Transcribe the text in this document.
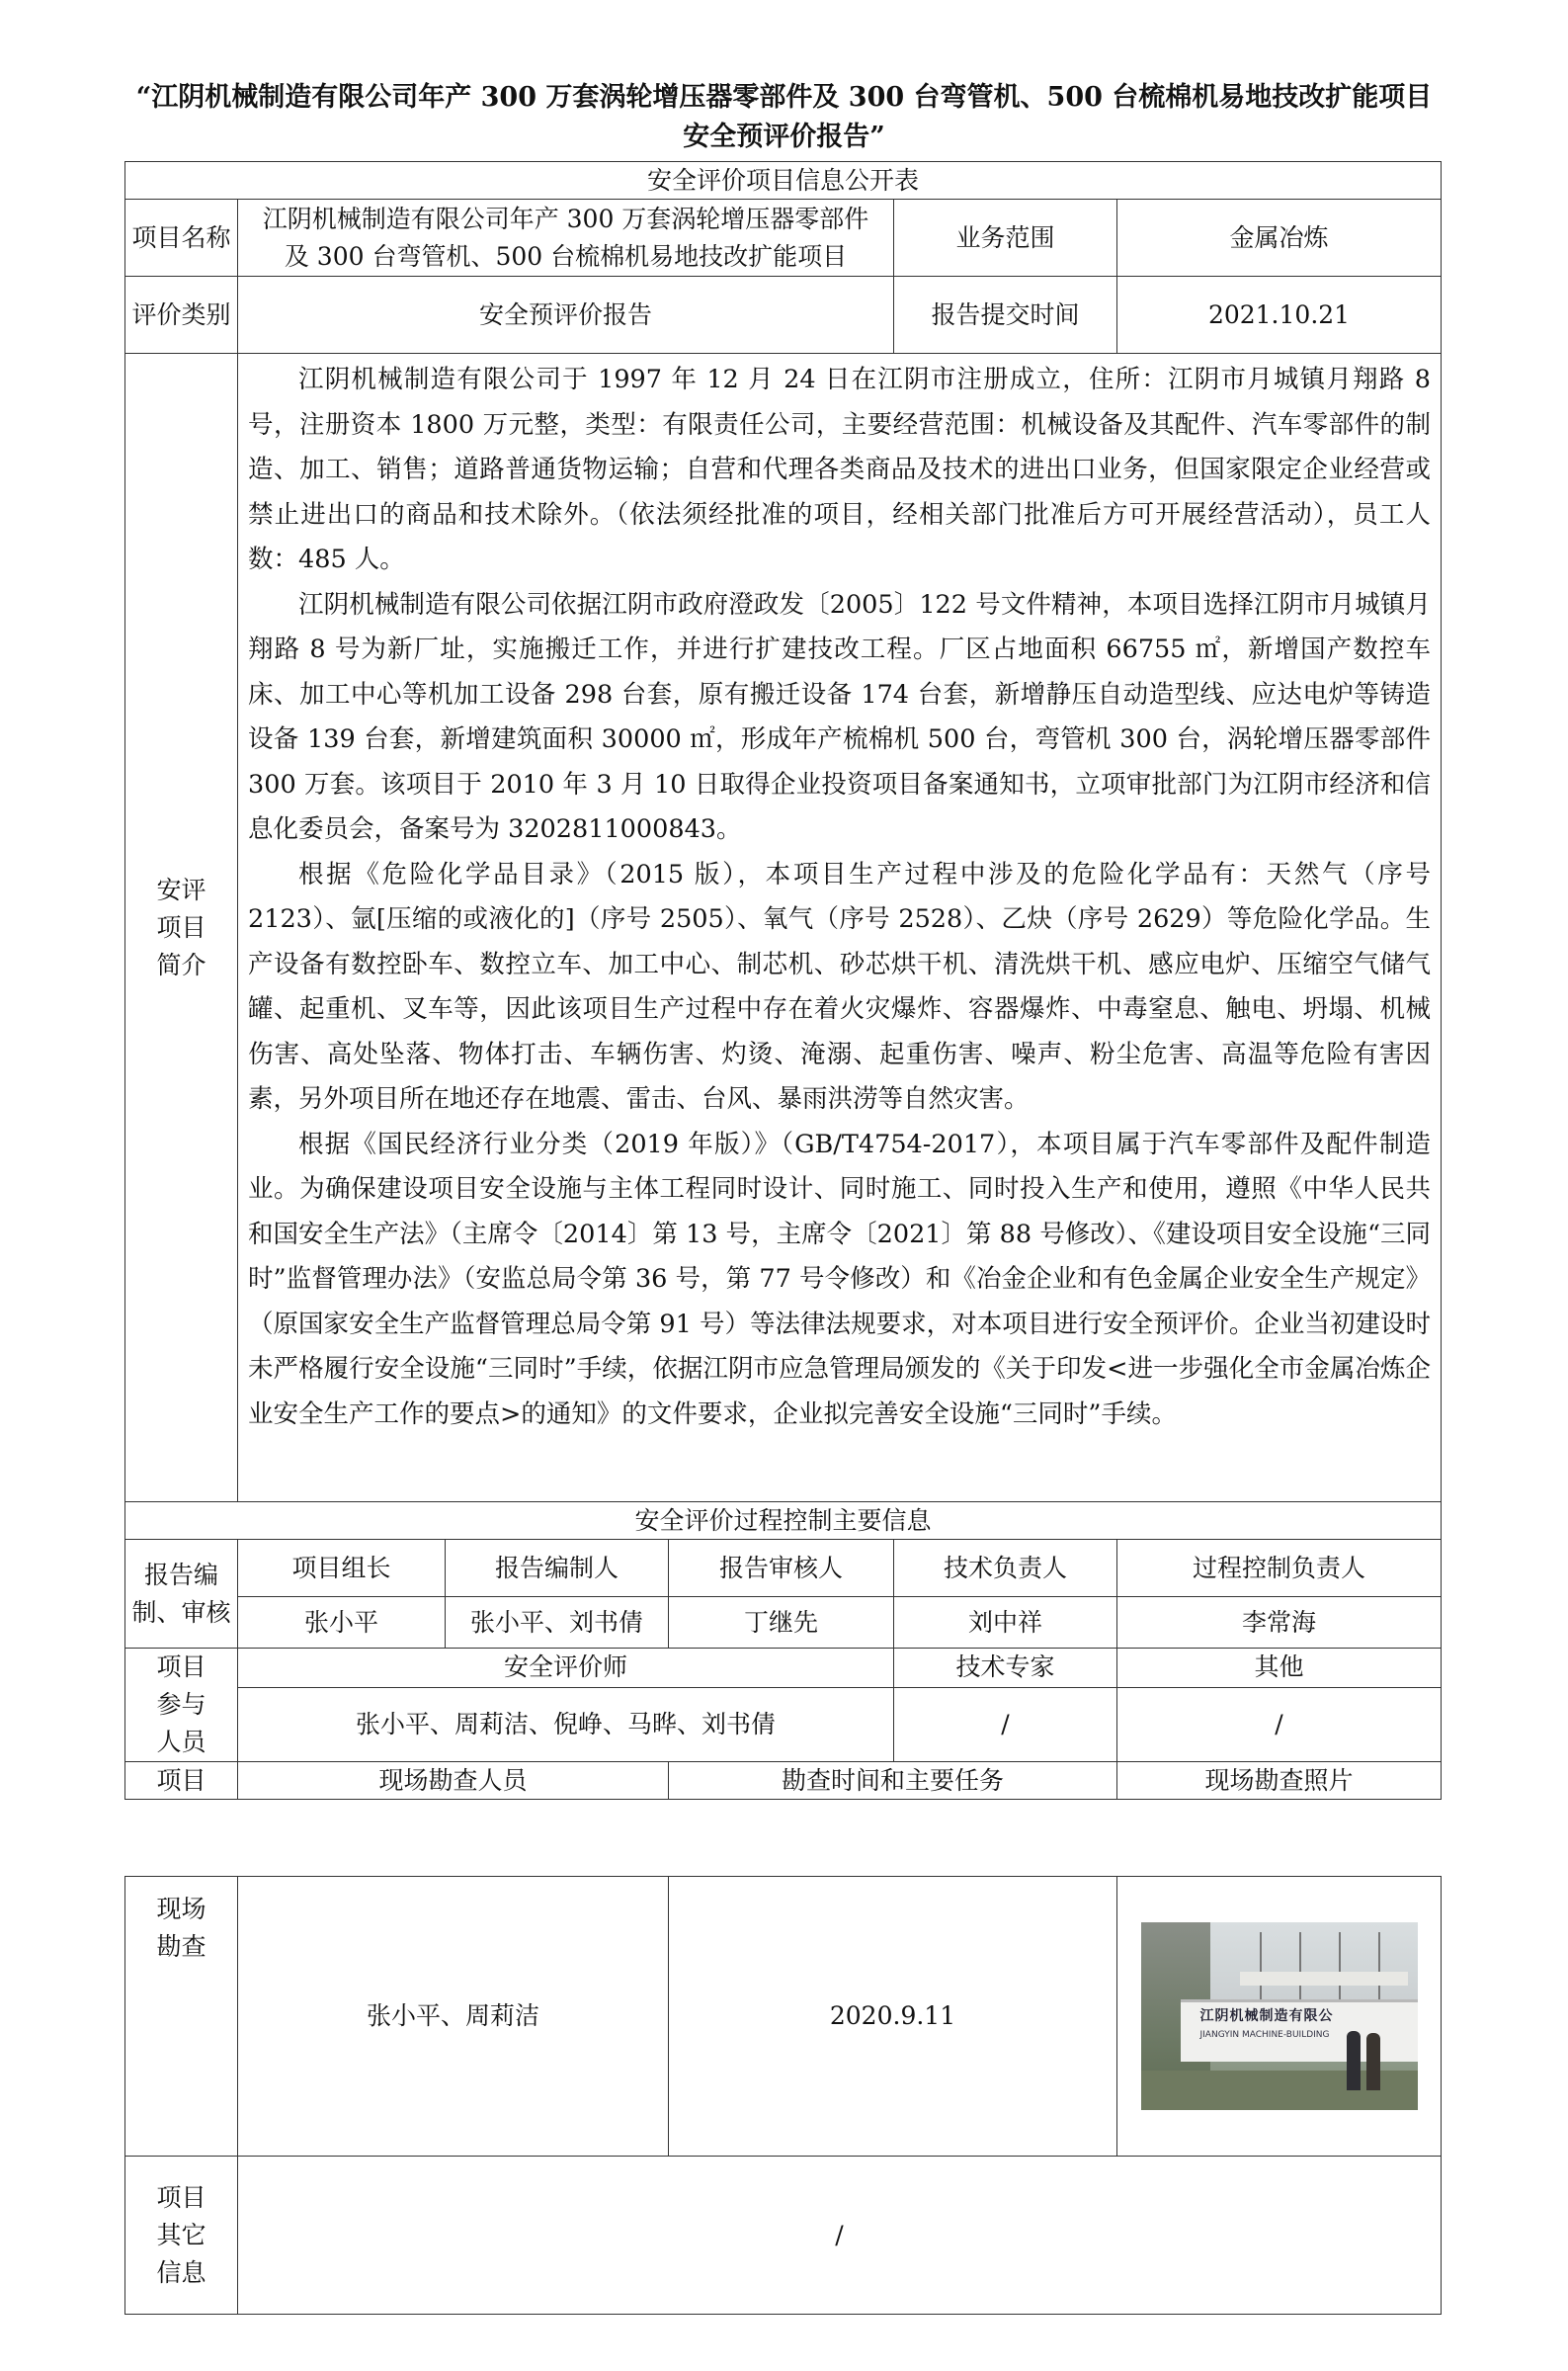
“江阴机械制造有限公司年产 300 万套涡轮增压器零部件及 300 台弯管机、500 台梳棉机易地技改扩能项目
安全预评价报告”
安全评价项目信息公开表					
项目名称	江阴机械制造有限公司年产 300 万套涡轮增压器零部件及 300 台弯管机、500 台梳棉机易地技改扩能项目			业务范围	金属冶炼
评价类别	安全预评价报告			报告提交时间	2021.10.21
安评项目简介	江阴机械制造有限公司于 1997 年 12 月 24 日在江阴市注册成立，住所：江阴市月城镇月翔路 8 号，注册资本 1800 万元整，类型：有限责任公司，主要经营范围：机械设备及其配件、汽车零部件的制造、加工、销售；道路普通货物运输；自营和代理各类商品及技术的进出口业务，但国家限定企业经营或禁止进出口的商品和技术除外。（依法须经批准的项目，经相关部门批准后方可开展经营活动），员工人数：485 人。

江阴机械制造有限公司依据江阴市政府澄政发〔2005〕122 号文件精神，本项目选择江阴市月城镇月翔路 8 号为新厂址，实施搬迁工作，并进行扩建技改工程。厂区占地面积 66755 ㎡，新增国产数控车床、加工中心等机加工设备 298 台套，原有搬迁设备 174 台套，新增静压自动造型线、应达电炉等铸造设备 139 台套，新增建筑面积 30000 ㎡，形成年产梳棉机 500 台，弯管机 300 台，涡轮增压器零部件 300 万套。该项目于 2010 年 3 月 10 日取得企业投资项目备案通知书，立项审批部门为江阴市经济和信息化委员会，备案号为 3202811000843。

根据《危险化学品目录》（2015 版），本项目生产过程中涉及的危险化学品有：天然气（序号 2123）、氩[压缩的或液化的]（序号 2505）、氧气（序号 2528）、乙炔（序号 2629）等危险化学品。生产设备有数控卧车、数控立车、加工中心、制芯机、砂芯烘干机、清洗烘干机、感应电炉、压缩空气储气罐、起重机、叉车等，因此该项目生产过程中存在着火灾爆炸、容器爆炸、中毒窒息、触电、坍塌、机械伤害、高处坠落、物体打击、车辆伤害、灼烫、淹溺、起重伤害、噪声、粉尘危害、高温等危险有害因素，另外项目所在地还存在地震、雷击、台风、暴雨洪涝等自然灾害。

根据《国民经济行业分类（2019 年版）》（GB/T4754-2017），本项目属于汽车零部件及配件制造业。为确保建设项目安全设施与主体工程同时设计、同时施工、同时投入生产和使用，遵照《中华人民共和国安全生产法》（主席令〔2014〕第 13 号，主席令〔2021〕第 88 号修改）、《建设项目安全设施“三同时”监督管理办法》（安监总局令第 36 号，第 77 号令修改）和《冶金企业和有色金属企业安全生产规定》（原国家安全生产监督管理总局令第 91 号）等法律法规要求，对本项目进行安全预评价。企业当初建设时未严格履行安全设施“三同时”手续，依据江阴市应急管理局颁发的《关于印发<进一步强化全市金属冶炼企业安全生产工作的要点>的通知》的文件要求，企业拟完善安全设施“三同时”手续。				

安全评价过程控制主要信息					
报告编制、审核	项目组长	报告编制人	报告审核人	技术负责人	过程控制负责人
	张小平	张小平、刘书倩	丁继先	刘中祥	李常海
项目参与人员	安全评价师			技术专家	其他
	张小平、周莉洁、倪峥、马晔、刘书倩			/	/
项目	现场勘查人员		勘查时间和主要任务		现场勘查照片
现场勘查	张小平、周莉洁	2020.9.11	江阴机械制造有限公
JIANGYIN MACHINE-BUILDING

项目其它信息	/		
